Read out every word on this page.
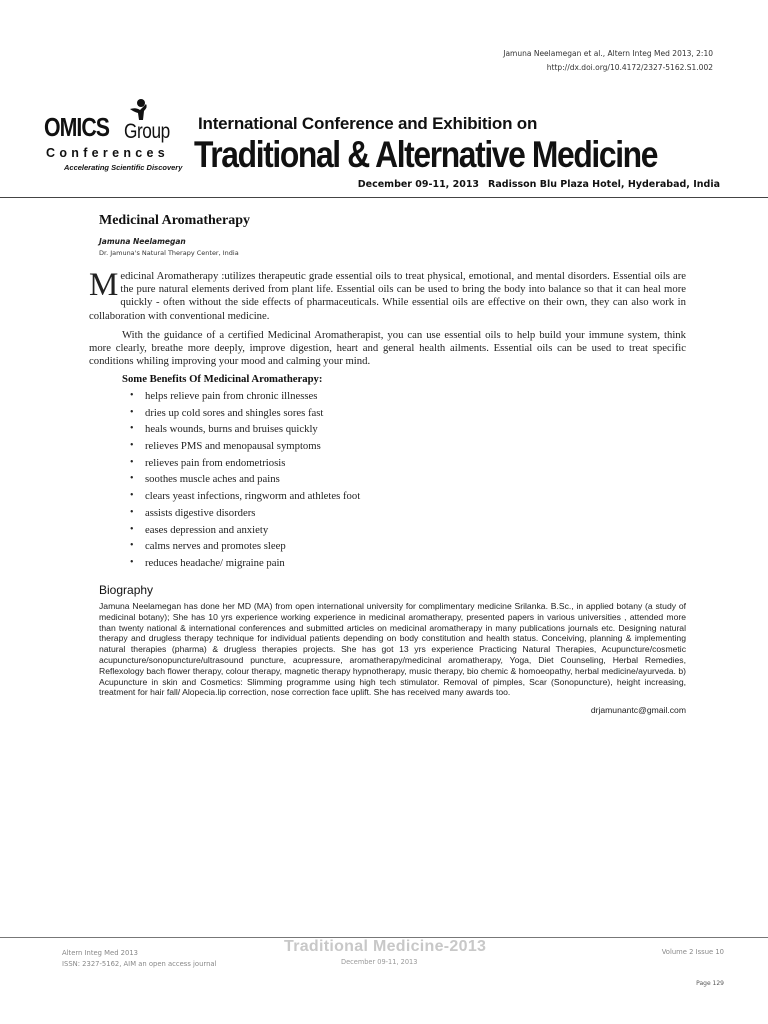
Jamuna Neelamegan et al., Altern Integ Med 2013, 2:10
http://dx.doi.org/10.4172/2327-5162.S1.002
OMICS Group
Conferences
Accelerating Scientific Discovery
International Conference and Exhibition on
Traditional & Alternative Medicine
December 09-11, 2013 Radisson Blu Plaza Hotel, Hyderabad, India
Medicinal Aromatherapy
Jamuna Neelamegan
Dr. Jamuna's Natural Therapy Center, India
Medicinal Aromatherapy :utilizes therapeutic grade essential oils to treat physical, emotional, and mental disorders. Essential oils are the pure natural elements derived from plant life. Essential oils can be used to bring the body into balance so that it can heal more quickly - often without the side effects of pharmaceuticals. While essential oils are effective on their own, they can also work in collaboration with conventional medicine.
With the guidance of a certified Medicinal Aromatherapist, you can use essential oils to help build your immune system, think more clearly, breathe more deeply, improve digestion, heart and general health ailments. Essential oils can be used to treat specific conditions whiling improving your mood and calming your mind.
Some Benefits Of Medicinal Aromatherapy:
• helps relieve pain from chronic illnesses
• dries up cold sores and shingles sores fast
• heals wounds, burns and bruises quickly
• relieves PMS and menopausal symptoms
• relieves pain from endometriosis
• soothes muscle aches and pains
• clears yeast infections, ringworm and athletes foot
• assists digestive disorders
• eases depression and anxiety
• calms nerves and promotes sleep
• reduces headache/ migraine pain
Biography
Jamuna Neelamegan has done her MD (MA) from open international university for complimentary medicine Srilanka. B.Sc., in applied botany (a study of medicinal botany); She has 10 yrs experience working experience in medicinal aromatherapy, presented papers in various universities , attended more than twenty national & international conferences and submitted articles on medicinal aromatherapy in many publications journals etc. Designing natural therapy and drugless therapy technique for individual patients depending on body constitution and health status. Conceiving, planning & implementing natural therapies (pharma) & drugless therapies projects. She has got 13 yrs experience Practicing Natural Therapies, Acupuncture/cosmetic acupuncture/sonopuncture/ultrasound puncture, acupressure, aromatherapy/medicinal aromatherapy, Yoga, Diet Counseling, Herbal Remedies, Reflexology bach flower therapy, colour therapy, magnetic therapy hypnotherapy, music therapy, bio chemic & homoeopathy, herbal medicine/ayurveda. b) Acupuncture in skin and Cosmetics: Slimming programme using high tech stimulator. Removal of pimples, Scar (Sonopuncture), height increasing, treatment for hair fall/ Alopecia.lip correction, nose correction face uplift. She has received many awards too.
drjamunantc@gmail.com
Altern Integ Med 2013
ISSN: 2327-5162, AIM an open access journal
Traditional Medicine-2013
December 09-11, 2013
Volume 2 Issue 10
Page 129
